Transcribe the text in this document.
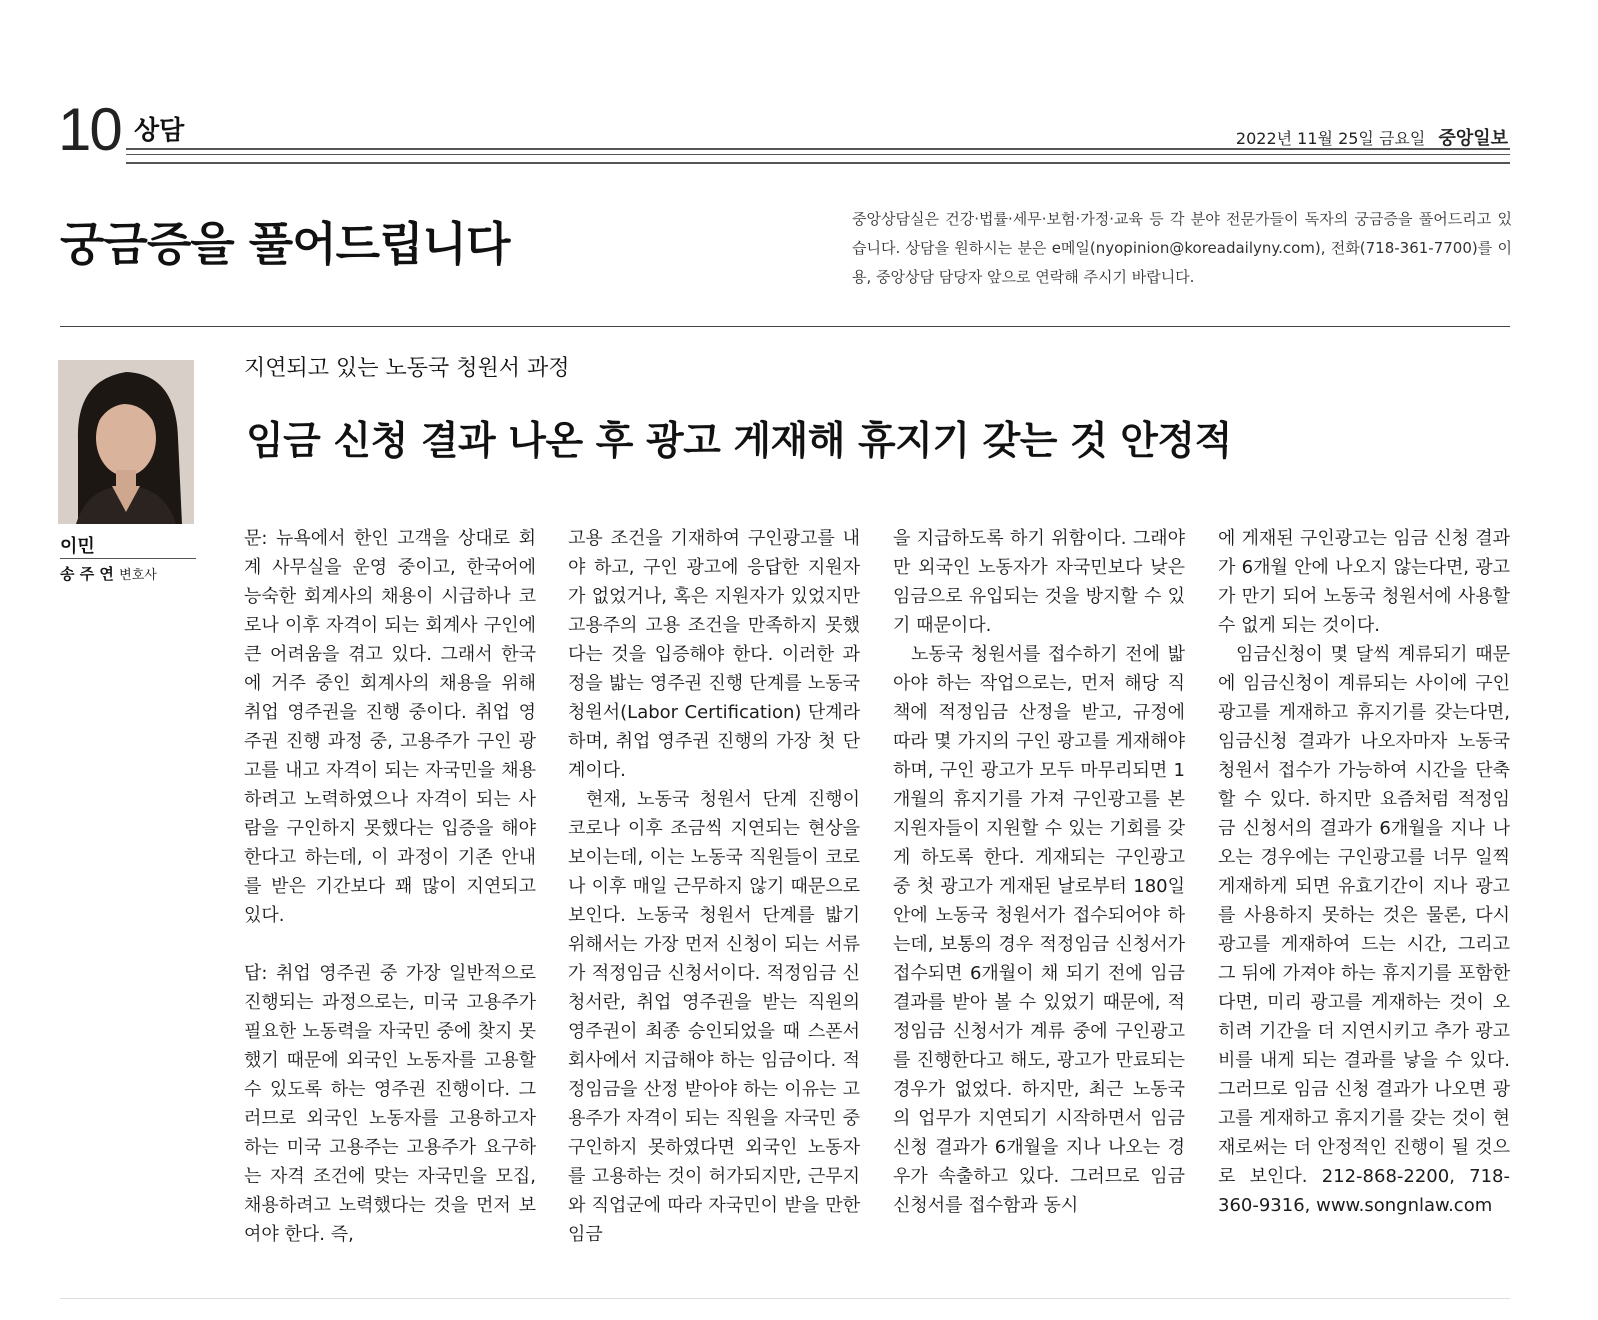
10 상담	2022년 11월 25일 금요일 중앙일보
궁금증을 풀어드립니다	중앙상담실은 건강·법률·세무·보험·가정·교육 등 각 분야 전문가들이 독자의 궁금증을 풀어드리고 있습니다. 상담을 원하시는 분은 e메일(nyopinion@koreadailyny.com), 전화(718-361-7700)를 이용, 중앙상담 담당자 앞으로 연락해 주시기 바랍니다.
이민
송 주 연 변호사
지연되고 있는 노동국 청원서 과정
임금 신청 결과 나온 후 광고 게재해 휴지기 갖는 것 안정적

문: 뉴욕에서 한인 고객을 상대로 회계 사무실을 운영 중이고, 한국어에 능숙한 회계사의 채용이 시급하나 코로나 이후 자격이 되는 회계사 구인에 큰 어려움을 겪고 있다. 그래서 한국에 거주 중인 회계사의 채용을 위해 취업 영주권을 진행 중이다. 취업 영주권 진행 과정 중, 고용주가 구인 광고를 내고 자격이 되는 자국민을 채용하려고 노력하였으나 자격이 되는 사람을 구인하지 못했다는 입증을 해야 한다고 하는데, 이 과정이 기존 안내를 받은 기간보다 꽤 많이 지연되고 있다.

답: 취업 영주권 중 가장 일반적으로 진행되는 과정으로는, 미국 고용주가 필요한 노동력을 자국민 중에 찾지 못했기 때문에 외국인 노동자를 고용할 수 있도록 하는 영주권 진행이다. 그러므로 외국인 노동자를 고용하고자 하는 미국 고용주는 고용주가 요구하는 자격 조건에 맞는 자국민을 모집, 채용하려고 노력했다는 것을 먼저 보여야 한다. 즉,

고용 조건을 기재하여 구인광고를 내야 하고, 구인 광고에 응답한 지원자가 없었거나, 혹은 지원자가 있었지만 고용주의 고용 조건을 만족하지 못했다는 것을 입증해야 한다. 이러한 과정을 밟는 영주권 진행 단계를 노동국 청원서(Labor Certification) 단계라 하며, 취업 영주권 진행의 가장 첫 단계이다.

현재, 노동국 청원서 단계 진행이 코로나 이후 조금씩 지연되는 현상을 보이는데, 이는 노동국 직원들이 코로나 이후 매일 근무하지 않기 때문으로 보인다. 노동국 청원서 단계를 밟기 위해서는 가장 먼저 신청이 되는 서류가 적정임금 신청서이다. 적정임금 신청서란, 취업 영주권을 받는 직원의 영주권이 최종 승인되었을 때 스폰서 회사에서 지급해야 하는 임금이다. 적정임금을 산정 받아야 하는 이유는 고용주가 자격이 되는 직원을 자국민 중 구인하지 못하였다면 외국인 노동자를 고용하는 것이 허가되지만, 근무지와 직업군에 따라 자국민이 받을 만한 임금

을 지급하도록 하기 위함이다. 그래야만 외국인 노동자가 자국민보다 낮은임금으로 유입되는 것을 방지할 수 있기 때문이다.

노동국 청원서를 접수하기 전에 밟아야 하는 작업으로는, 먼저 해당 직책에 적정임금 산정을 받고, 규정에 따라 몇 가지의 구인 광고를 게재해야 하며, 구인 광고가 모두 마무리되면 1개월의 휴지기를 가져 구인광고를 본 지원자들이 지원할 수 있는 기회를 갖게 하도록 한다. 게재되는 구인광고 중 첫 광고가 게재된 날로부터 180일 안에 노동국 청원서가 접수되어야 하는데, 보통의 경우 적정임금 신청서가 접수되면 6개월이 채 되기 전에 임금 결과를 받아 볼 수 있었기 때문에, 적정임금 신청서가 계류 중에 구인광고를 진행한다고 해도, 광고가 만료되는 경우가 없었다. 하지만, 최근 노동국의 업무가 지연되기 시작하면서 임금신청 결과가 6개월을 지나 나오는 경우가 속출하고 있다. 그러므로 임금 신청서를 접수함과 동시

에 게재된 구인광고는 임금 신청 결과가 6개월 안에 나오지 않는다면, 광고가 만기 되어 노동국 청원서에 사용할 수 없게 되는 것이다.

임금신청이 몇 달씩 계류되기 때문에 임금신청이 계류되는 사이에 구인광고를 게재하고 휴지기를 갖는다면, 임금신청 결과가 나오자마자 노동국 청원서 접수가 가능하여 시간을 단축할 수 있다. 하지만 요즘처럼 적정임금 신청서의 결과가 6개월을 지나 나오는 경우에는 구인광고를 너무 일찍 게재하게 되면 유효기간이 지나 광고를 사용하지 못하는 것은 물론, 다시 광고를 게재하여 드는 시간, 그리고 그 뒤에 가져야 하는 휴지기를 포함한다면, 미리 광고를 게재하는 것이 오히려 기간을 더 지연시키고 추가 광고비를 내게 되는 결과를 낳을 수 있다. 그러므로 임금 신청 결과가 나오면 광고를 게재하고 휴지기를 갖는 것이 현재로써는 더 안정적인 진행이 될 것으로 보인다. 212-868-2200, 718-360-9316, www.songnlaw.com
